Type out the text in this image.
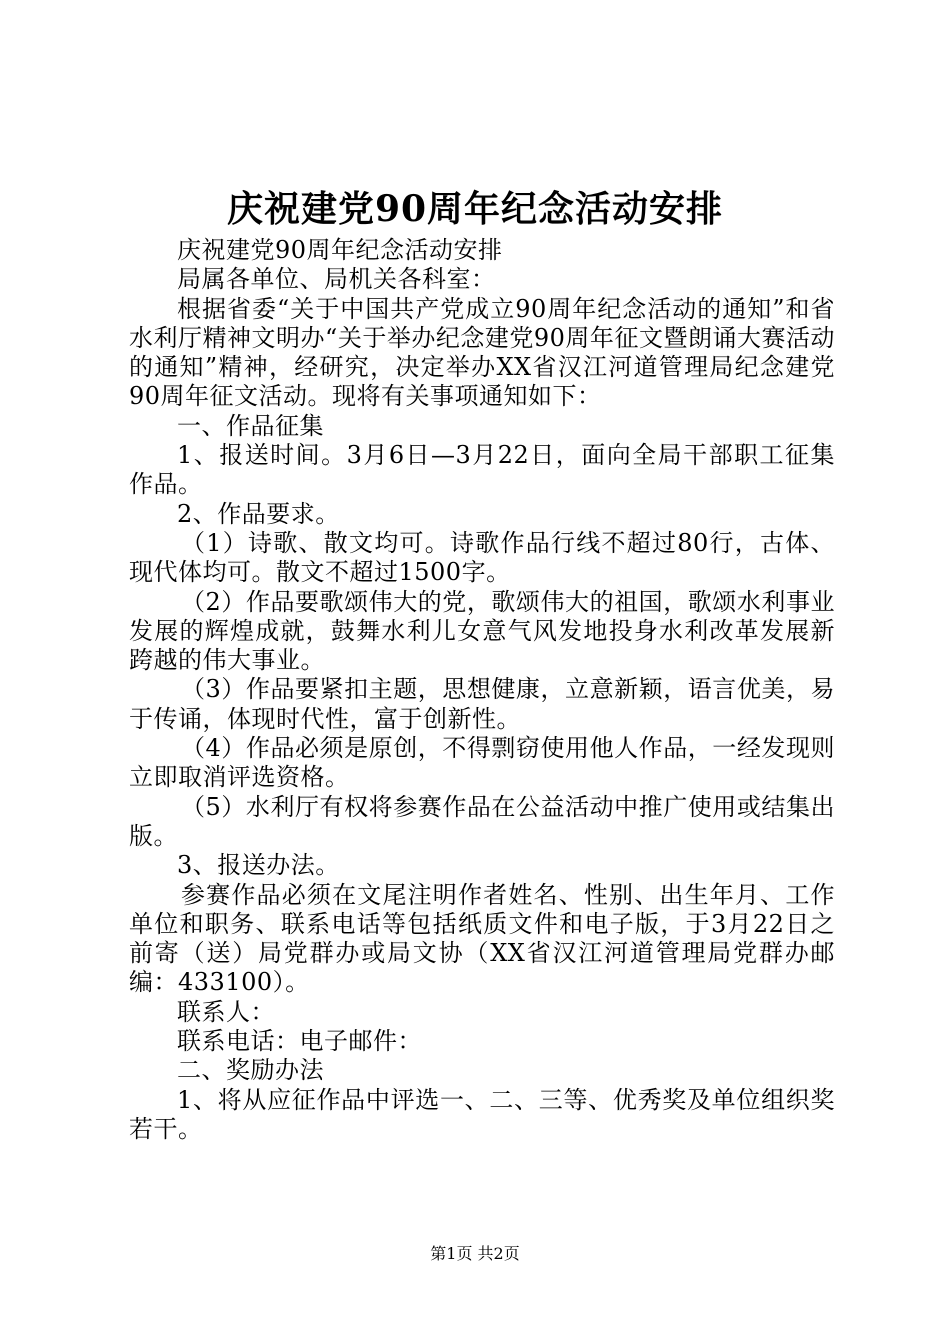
庆祝建党90周年纪念活动安排

庆祝建党90周年纪念活动安排

局属各单位、局机关各科室：

根据省委“关于中国共产党成立90周年纪念活动的通知”和省水利厅精神文明办“关于举办纪念建党90周年征文暨朗诵大赛活动的通知”精神，经研究，决定举办XX省汉江河道管理局纪念建党90周年征文活动。现将有关事项通知如下：

一、作品征集

1、报送时间。3月6日—3月22日，面向全局干部职工征集作品。

2、作品要求。

（1）诗歌、散文均可。诗歌作品行线不超过80行，古体、现代体均可。散文不超过1500字。

（2）作品要歌颂伟大的党，歌颂伟大的祖国，歌颂水利事业发展的辉煌成就，鼓舞水利儿女意气风发地投身水利改革发展新跨越的伟大事业。

（3）作品要紧扣主题，思想健康，立意新颖，语言优美，易于传诵，体现时代性，富于创新性。

（4）作品必须是原创，不得剽窃使用他人作品，一经发现则立即取消评选资格。

（5）水利厅有权将参赛作品在公益活动中推广使用或结集出版。

3、报送办法。

参赛作品必须在文尾注明作者姓名、性别、出生年月、工作单位和职务、联系电话等包括纸质文件和电子版，于3月22日之前寄（送）局党群办或局文协（XX省汉江河道管理局党群办邮编：433100）。

联系人：

联系电话：电子邮件：

二、奖励办法

1、将从应征作品中评选一、二、三等、优秀奖及单位组织奖若干。

第1页 共2页
